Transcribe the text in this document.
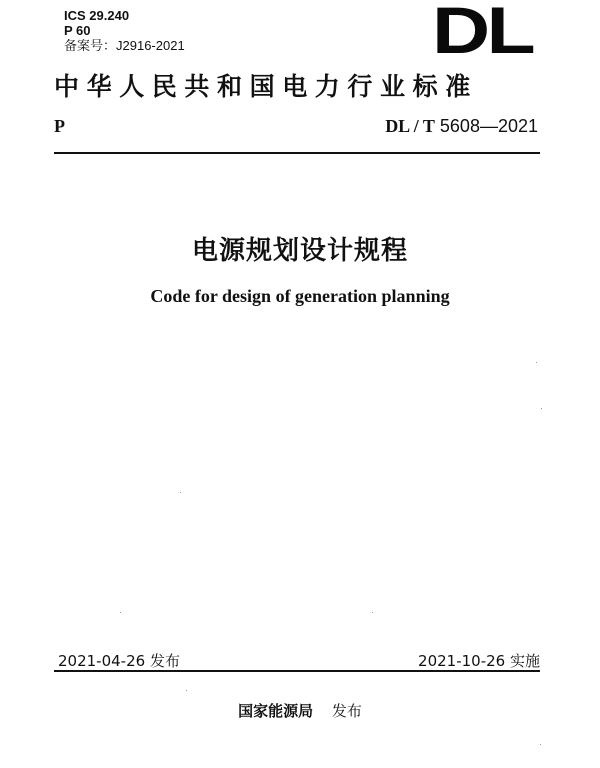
ICS 29.240
P 60
备案号：J2916-2021	DL
中华人民共和国电力行业标准
P	DL / T 5608—2021
电源规划设计规程
Code for design of generation planning
2021-04-26 发布	2021-10-26 实施
国家能源局 发布
